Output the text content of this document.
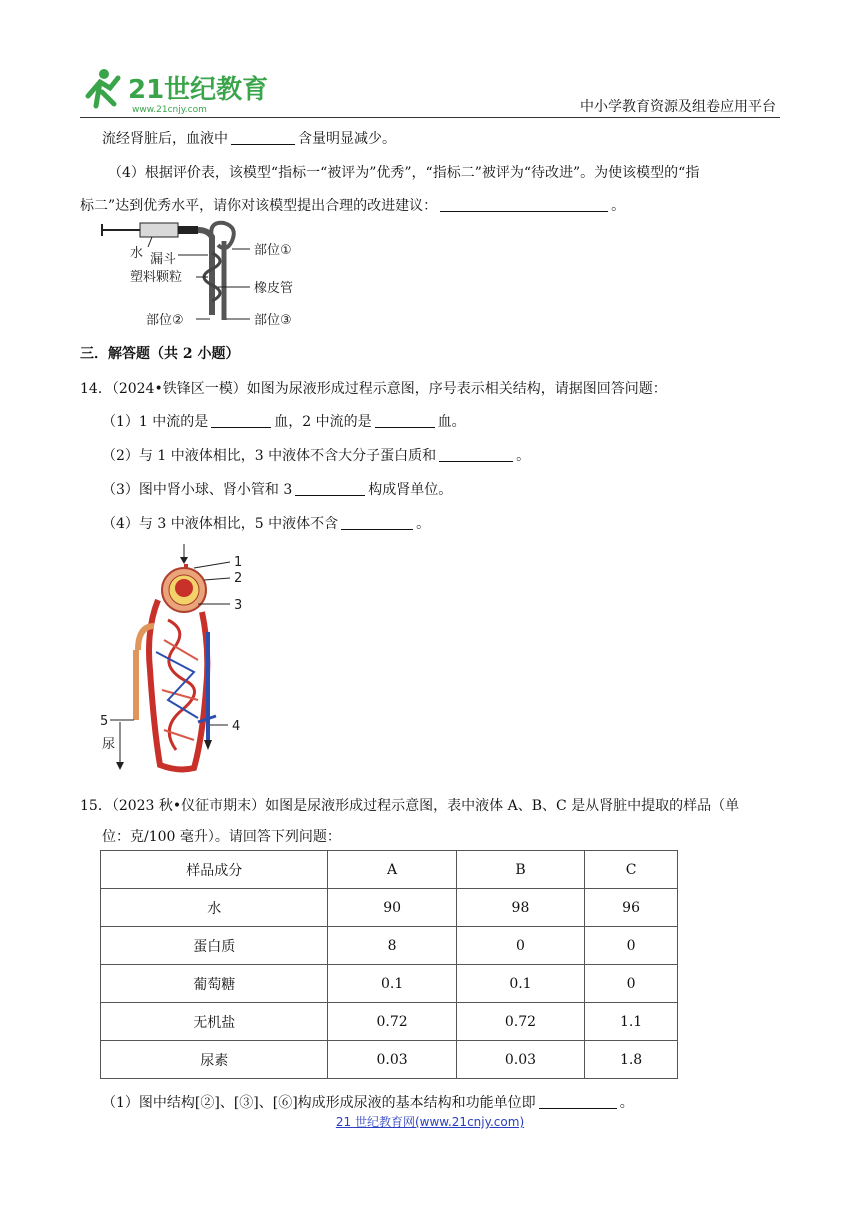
21世纪教育
www.21cnjy.com	中小学教育资源及组卷应用平台
流经肾脏后，血液中	含量明显减少。
（4）根据评价表，该模型“指标一“被评为”优秀”，“指标二”被评为“待改进”。为使该模型的“指
标二”达到优秀水平，请你对该模型提出合理的改进建议：	。
水 漏斗
塑料颗粒
部位①
橡皮管
部位②	部位③
三．解答题（共 2 小题）
14．（2024•铁锋区一模）如图为尿液形成过程示意图，序号表示相关结构，请据图回答问题：
（1）1 中流的是	血，2 中流的是	血。
（2）与 1 中液体相比，3 中液体不含大分子蛋白质和	。
（3）图中肾小球、肾小管和 3	构成肾单位。
（4）与 3 中液体相比，5 中液体不含	。
1
2
3
4
5
尿
15．（2023 秋•仪征市期末）如图是尿液形成过程示意图，表中液体 A、B、C 是从肾脏中提取的样品（单
位：克/100 毫升）。请回答下列问题：
样品成分	A	B	C
水	90	98	96
蛋白质	8	0	0
葡萄糖	0.1	0.1	0
无机盐	0.72	0.72	1.1
尿素	0.03	0.03	1.8
（1）图中结构[②]、[③]、[⑥]构成形成尿液的基本结构和功能单位即	。
21 世纪教育网(www.21cnjy.com)
